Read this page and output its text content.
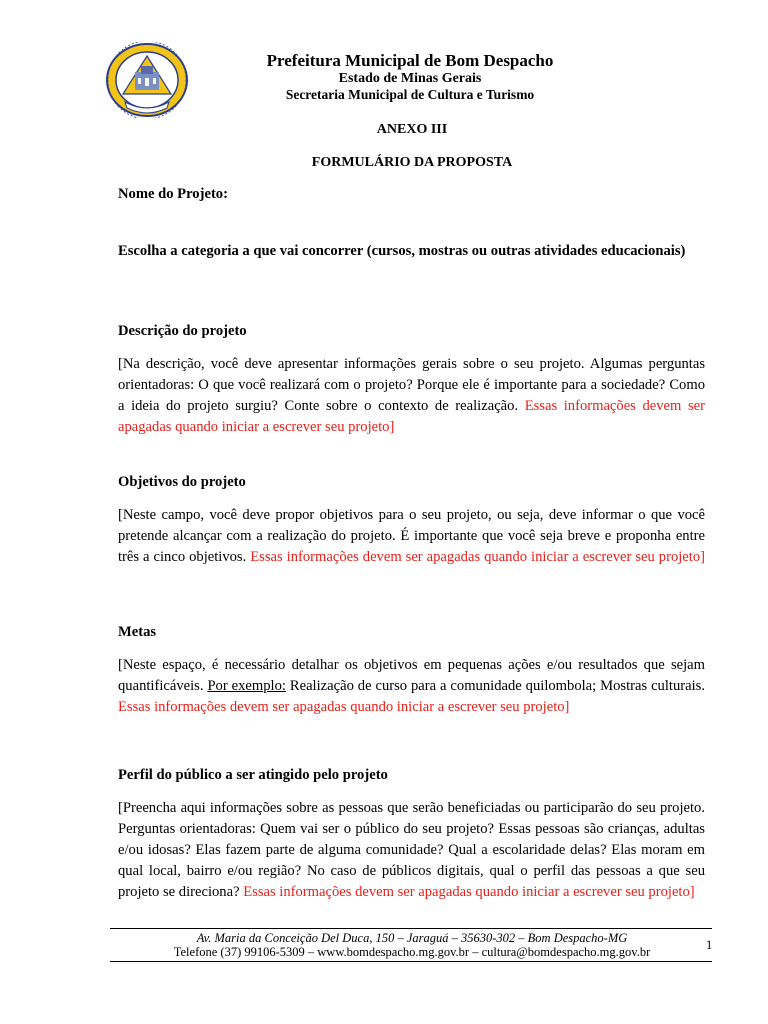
Prefeitura Municipal de Bom Despacho
Estado de Minas Gerais
Secretaria Municipal de Cultura e Turismo
ANEXO III
FORMULÁRIO DA PROPOSTA
Nome do Projeto:
Escolha a categoria a que vai concorrer (cursos, mostras ou outras atividades educacionais)
Descrição do projeto
[Na descrição, você deve apresentar informações gerais sobre o seu projeto. Algumas perguntas orientadoras: O que você realizará com o projeto? Porque ele é importante para a sociedade? Como a ideia do projeto surgiu? Conte sobre o contexto de realização. Essas informações devem ser apagadas quando iniciar a escrever seu projeto]
Objetivos do projeto
[Neste campo, você deve propor objetivos para o seu projeto, ou seja, deve informar o que você pretende alcançar com a realização do projeto. É importante que você seja breve e proponha entre três a cinco objetivos. Essas informações devem ser apagadas quando iniciar a escrever seu projeto]
Metas
[Neste espaço, é necessário detalhar os objetivos em pequenas ações e/ou resultados que sejam quantificáveis. Por exemplo: Realização de curso para a comunidade quilombola; Mostras culturais. Essas informações devem ser apagadas quando iniciar a escrever seu projeto]
Perfil do público a ser atingido pelo projeto
[Preencha aqui informações sobre as pessoas que serão beneficiadas ou participarão do seu projeto. Perguntas orientadoras: Quem vai ser o público do seu projeto? Essas pessoas são crianças, adultas e/ou idosas? Elas fazem parte de alguma comunidade? Qual a escolaridade delas? Elas moram em qual local, bairro e/ou região? No caso de públicos digitais, qual o perfil das pessoas a que seu projeto se direciona? Essas informações devem ser apagadas quando iniciar a escrever seu projeto]
Av. Maria da Conceição Del Duca, 150 – Jaraguá – 35630-302 – Bom Despacho-MG
Telefone (37) 99106-5309 – www.bomdespacho.mg.gov.br – cultura@bomdespacho.mg.gov.br	1
